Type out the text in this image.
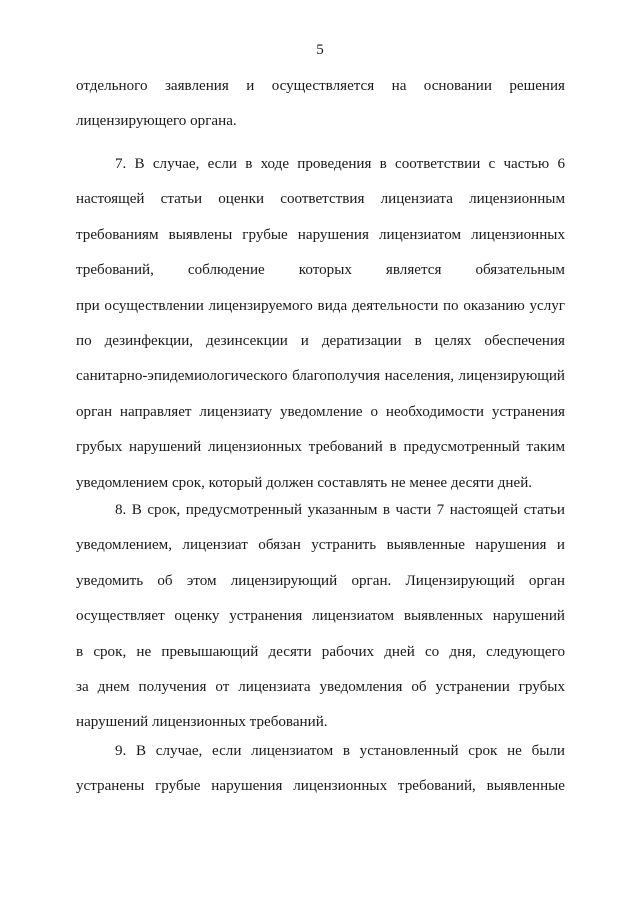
5
отдельного заявления и осуществляется на основании решения
лицензирующего органа.
7. В случае, если в ходе проведения в соответствии с частью 6
настоящей статьи оценки соответствия лицензиата лицензионным
требованиям выявлены грубые нарушения лицензиатом лицензионных
требований, соблюдение которых является обязательным
при осуществлении лицензируемого вида деятельности по оказанию услуг
по дезинфекции, дезинсекции и дератизации в целях обеспечения
санитарно-эпидемиологического благополучия населения, лицензирующий
орган направляет лицензиату уведомление о необходимости устранения
грубых нарушений лицензионных требований в предусмотренный таким
уведомлением срок, который должен составлять не менее десяти дней.
8. В срок, предусмотренный указанным в части 7 настоящей статьи
уведомлением, лицензиат обязан устранить выявленные нарушения и
уведомить об этом лицензирующий орган. Лицензирующий орган
осуществляет оценку устранения лицензиатом выявленных нарушений
в срок, не превышающий десяти рабочих дней со дня, следующего
за днем получения от лицензиата уведомления об устранении грубых
нарушений лицензионных требований.
9. В случае, если лицензиатом в установленный срок не были
устранены грубые нарушения лицензионных требований, выявленные
